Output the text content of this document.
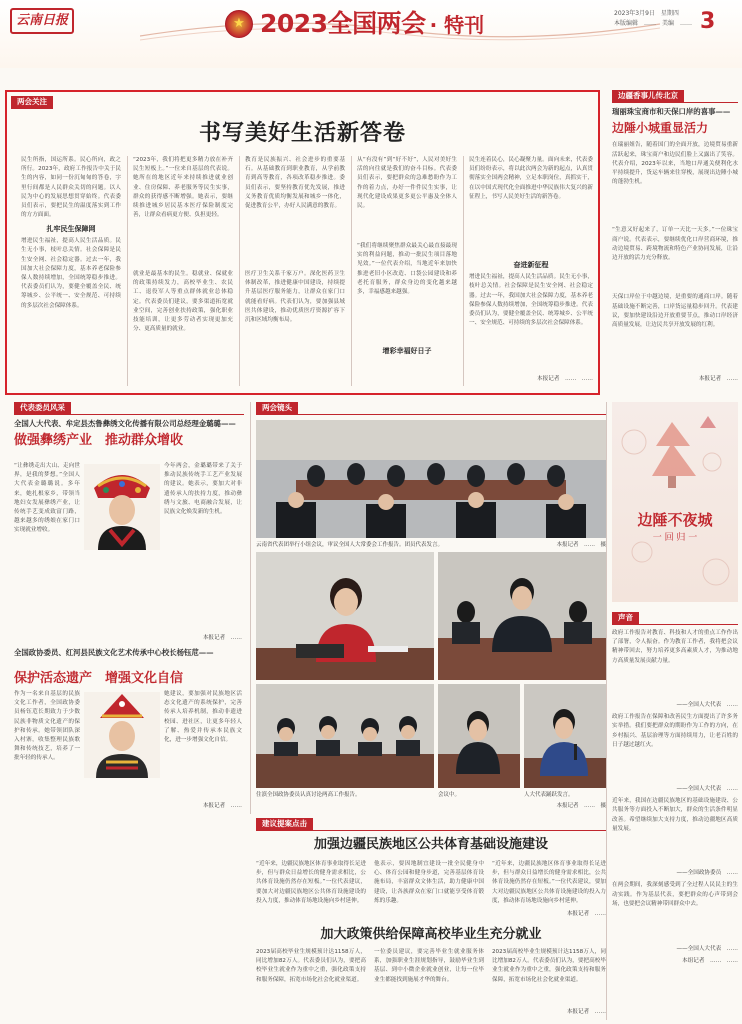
云南日报	★ 2023全国两会 · 特刊	2023年3月9日　星期四
本版编辑　……　美编　…… 3
两会关注
书写美好生活新答卷
民生所指，国运所系。民心所向，政之所行。2023年，政府工作报告中关于民生的内容，如同一份沉甸甸的答卷，字里行间都是人民群众关切的问题。以人民为中心的发展思想贯穿始终。代表委员们表示，要把民生的温度落实到工作的方方面面。
扎牢民生保障网
增进民生福祉，提高人民生活品质。民生无小事，枝叶总关情。社会保障是民生安全网、社会稳定器。过去一年，我国加大社会保障力度，基本养老保险参保人数持续增加，全国统筹稳步推进。代表委员们认为，要健全覆盖全民、统筹城乡、公平统一、安全规范、可持续的多层次社会保障体系。
“2023年，我们将把更多精力放在补齐民生短板上。”一位来自基层的代表说。她所在的地区近年来持续推进就业创业、住房保障、养老服务等民生实事，群众的获得感不断增强。她表示，要继续推进城乡居民基本医疗保险制度完善，让群众看病更方便、负担更轻。
就业是最基本的民生。稳就业、保就业的政策持续发力，高校毕业生、农民工、退役军人等重点群体就业总体稳定。代表委员们建议，要多渠道拓宽就业空间，完善创业扶持政策，强化职业技能培训，让更多劳动者实现更加充分、更高质量的就业。
教育是民族振兴、社会进步的重要基石。从基础教育到职业教育，从学前教育到高等教育，各项改革稳步推进。委员们表示，要坚持教育优先发展，推进义务教育优质均衡发展和城乡一体化，促进教育公平，办好人民满意的教育。
医疗卫生关系千家万户。深化医药卫生体制改革，推进健康中国建设，持续提升基层医疗服务能力，让群众在家门口就能看好病。代表们认为，要加强县域医共体建设，推动优质医疗资源扩容下沉和区域均衡布局。
从“有没有”到“好不好”，人民对美好生活的向往就是我们的奋斗目标。代表委员们表示，要把群众的急难愁盼作为工作的着力点，办好一件件民生实事，让现代化建设成果更多更公平惠及全体人民。
“我们将继续聚焦群众最关心最直接最现实的利益问题，推动一批民生项目落地见效。”一位代表介绍，当地近年来加快推进老旧小区改造、口袋公园建设和养老托育服务，群众身边的变化越来越多，幸福感越来越强。
增彩幸福好日子
民生连着民心，民心凝聚力量。面向未来，代表委员们纷纷表示，将以此次两会为新的起点，认真贯彻落实全国两会精神，立足本职岗位，真抓实干，在以中国式现代化全面推进中华民族伟大复兴的新征程上，书写人民美好生活的新答卷。
奋进新征程
增进民生福祉，提高人民生活品质。民生无小事，枝叶总关情。社会保障是民生安全网、社会稳定器。过去一年，我国加大社会保障力度，基本养老保险参保人数持续增加，全国统筹稳步推进。代表委员们认为，要健全覆盖全民、统筹城乡、公平统一、安全规范、可持续的多层次社会保障体系。
本报记者　……　……
边疆香事儿传北京
瑞丽珠宝商市和天保口岸的喜事——
边陲小城重显活力
在瑞丽姐告，随着国门的全面开放，边境贸易重新活跃起来，珠宝商户和边民们脸上又露出了笑容。代表介绍，2023年以来，当地口岸通关便利化水平持续提升，货运车辆来往穿梭，展现出边陲小城的蓬勃生机。
“生意又好起来了，订单一天比一天多。”一位珠宝商户说。代表表示，要继续优化口岸营商环境，推动边境贸易、跨境物流和特色产业协同发展，让沿边开放的活力充分释放。
天保口岸位于中越边境，是重要的通商口岸。随着基础设施不断完善，口岸货运量稳步回升。代表建议，要加快建设沿边开放重要节点，推动口岸经济高质量发展，让边民共享开放发展的红利。
本报记者　……
边陲不夜城
一 回 归 一
声音
政府工作报告对教育、科技和人才的重点工作作出了部署，令人振奋。作为教育工作者，我将把会议精神带回去，努力培养更多高素质人才，为推动地方高质量发展贡献力量。
——全国人大代表　……
政府工作报告在保障和改善民生方面提出了许多务实举措。我们要把群众的期盼作为工作的方向，在乡村振兴、基层治理等方面持续用力，让老百姓的日子越过越红火。
——全国人大代表　……
近年来，我国在边疆民族地区的基础设施建设、公共服务等方面投入不断加大，群众的生活条件明显改善。希望继续加大支持力度，推动边疆地区高质量发展。
——全国政协委员　……
在两会期间，我深刻感受到了全过程人民民主的生动实践。作为基层代表，要把群众的心声带到会场，也要把会议精神带回群众中去。
——全国人大代表　……
本组记者　……　……
代表委员风采
全国人大代表、牟定县杰鲁彝绣文化传播有限公司总经理金璐璐——
做强彝绣产业　推动群众增收
“让彝绣走出大山、走向世界，是我的梦想。”全国人大代表金璐璐说。多年来，她扎根家乡，带领当地妇女发展彝绣产业，让传统手艺变成致富门路，越来越多的绣娘在家门口实现就业增收。
今年两会，金璐璐带来了关于推动民族传统手工艺产业发展的建议。她表示，要加大对非遗传承人的扶持力度，推动彝绣与文旅、电商融合发展，让民族文化焕发新的生机。
本报记者　……
全国政协委员、红河县民族文化艺术传承中心校长杨钰苊——
保护活态遗产　增强文化自信
作为一名来自基层的民族文化工作者，全国政协委员杨钰苊长期致力于少数民族非物质文化遗产的保护和传承。她带领团队深入村寨，收集整理民族歌舞和传统技艺，培养了一批年轻的传承人。
她建议，要加强对民族地区活态文化遗产的系统保护，完善传承人培养机制，推动非遗进校园、进社区，让更多年轻人了解、热爱并传承本民族文化，进一步增强文化自信。
本报记者　……
两会镜头
云南省代表团举行小组会议，审议全国人大常委会工作报告。团员代表发言。	本报记者　……　摄
住滇全国政协委员认真讨论两高工作报告。	会议中。	人大代表踊跃发言。
本报记者　……　摄
建议提案点击
加强边疆民族地区公共体育基础设施建设
“近年来，边疆民族地区体育事业取得长足进步，但与群众日益增长的健身需求相比，公共体育设施仍然存在短板。”一位代表建议，要加大对边疆民族地区公共体育设施建设的投入力度，推动体育场地设施向乡村延伸。
他表示，要因地制宜建设一批全民健身中心、体育公园和健身步道，完善基层体育设施布局，丰富群众文体生活，助力健康中国建设，让各族群众在家门口就能享受体育锻炼的乐趣。
“近年来，边疆民族地区体育事业取得长足进步，但与群众日益增长的健身需求相比，公共体育设施仍然存在短板。”一位代表建议，要加大对边疆民族地区公共体育设施建设的投入力度，推动体育场地设施向乡村延伸。
本报记者　……
加大政策供给保障高校毕业生充分就业
2023届高校毕业生规模预计达1158万人，同比增加82万人。代表委员们认为，要把高校毕业生就业作为重中之重，强化政策支持和服务保障，拓宽市场化社会化就业渠道。
一位委员建议，要完善毕业生就业服务体系，加强职业生涯规划指导，鼓励毕业生到基层、到中小微企业就业创业，让每一位毕业生都能找到施展才华的舞台。
2023届高校毕业生规模预计达1158万人，同比增加82万人。代表委员们认为，要把高校毕业生就业作为重中之重，强化政策支持和服务保障，拓宽市场化社会化就业渠道。
本报记者　……
